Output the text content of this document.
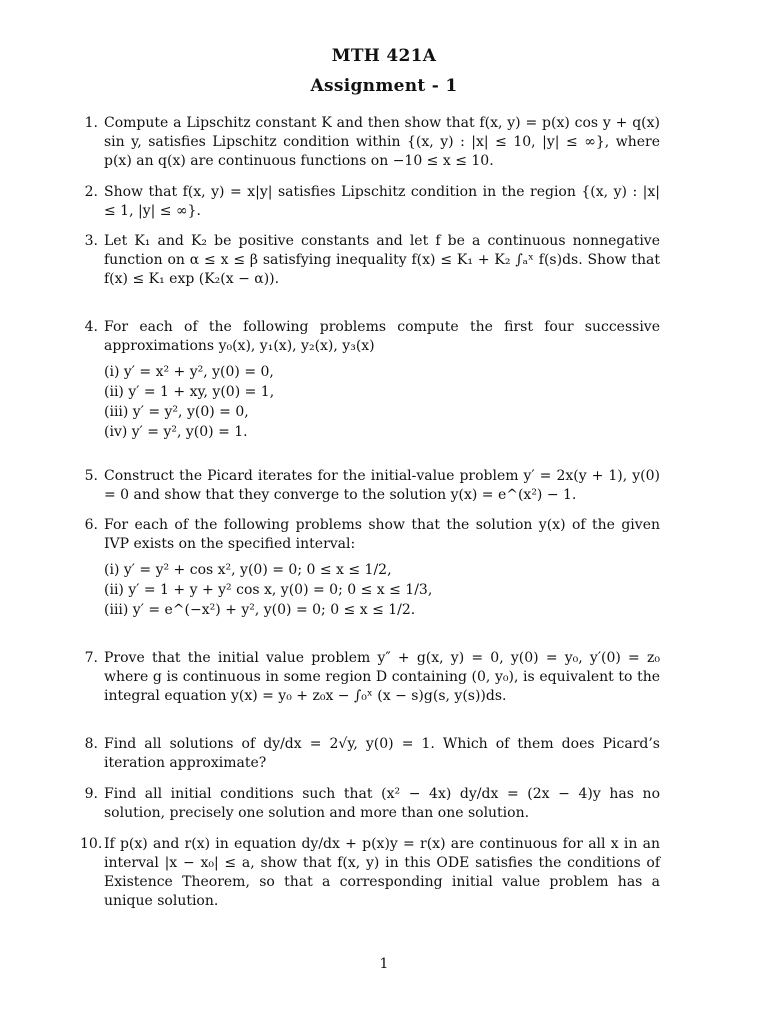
MTH 421A
Assignment - 1
1. Compute a Lipschitz constant K and then show that f(x, y) = p(x) cos y + q(x) sin y, satisfies Lipschitz condition within {(x, y) : |x| ≤ 10, |y| ≤ ∞}, where p(x) an q(x) are continuous functions on −10 ≤ x ≤ 10.
2. Show that f(x, y) = x|y| satisfies Lipschitz condition in the region {(x, y) : |x| ≤ 1, |y| ≤ ∞}.
3. Let K₁ and K₂ be positive constants and let f be a continuous nonnegative function on α ≤ x ≤ β satisfying inequality f(x) ≤ K₁ + K₂ ∫ₐˣ f(s)ds. Show that f(x) ≤ K₁ exp (K₂(x − α)).
4. For each of the following problems compute the first four successive approximations y₀(x), y₁(x), y₂(x), y₃(x)
(i) y′ = x² + y², y(0) = 0,
(ii) y′ = 1 + xy, y(0) = 1,
(iii) y′ = y², y(0) = 0,
(iv) y′ = y², y(0) = 1.
5. Construct the Picard iterates for the initial-value problem y′ = 2x(y + 1), y(0) = 0 and show that they converge to the solution y(x) = e^(x²) − 1.
6. For each of the following problems show that the solution y(x) of the given IVP exists on the specified interval:
(i) y′ = y² + cos x², y(0) = 0; 0 ≤ x ≤ 1/2,
(ii) y′ = 1 + y + y² cos x, y(0) = 0; 0 ≤ x ≤ 1/3,
(iii) y′ = e^(−x²) + y², y(0) = 0; 0 ≤ x ≤ 1/2.
7. Prove that the initial value problem y″ + g(x, y) = 0, y(0) = y₀, y′(0) = z₀ where g is continuous in some region D containing (0, y₀), is equivalent to the integral equation y(x) = y₀ + z₀x − ∫₀ˣ (x − s)g(s, y(s))ds.
8. Find all solutions of dy/dx = 2√y, y(0) = 1. Which of them does Picard’s iteration approximate?
9. Find all initial conditions such that (x² − 4x) dy/dx = (2x − 4)y has no solution, precisely one solution and more than one solution.
10. If p(x) and r(x) in equation dy/dx + p(x)y = r(x) are continuous for all x in an interval |x − x₀| ≤ a, show that f(x, y) in this ODE satisfies the conditions of Existence Theorem, so that a corresponding initial value problem has a unique solution.
1
